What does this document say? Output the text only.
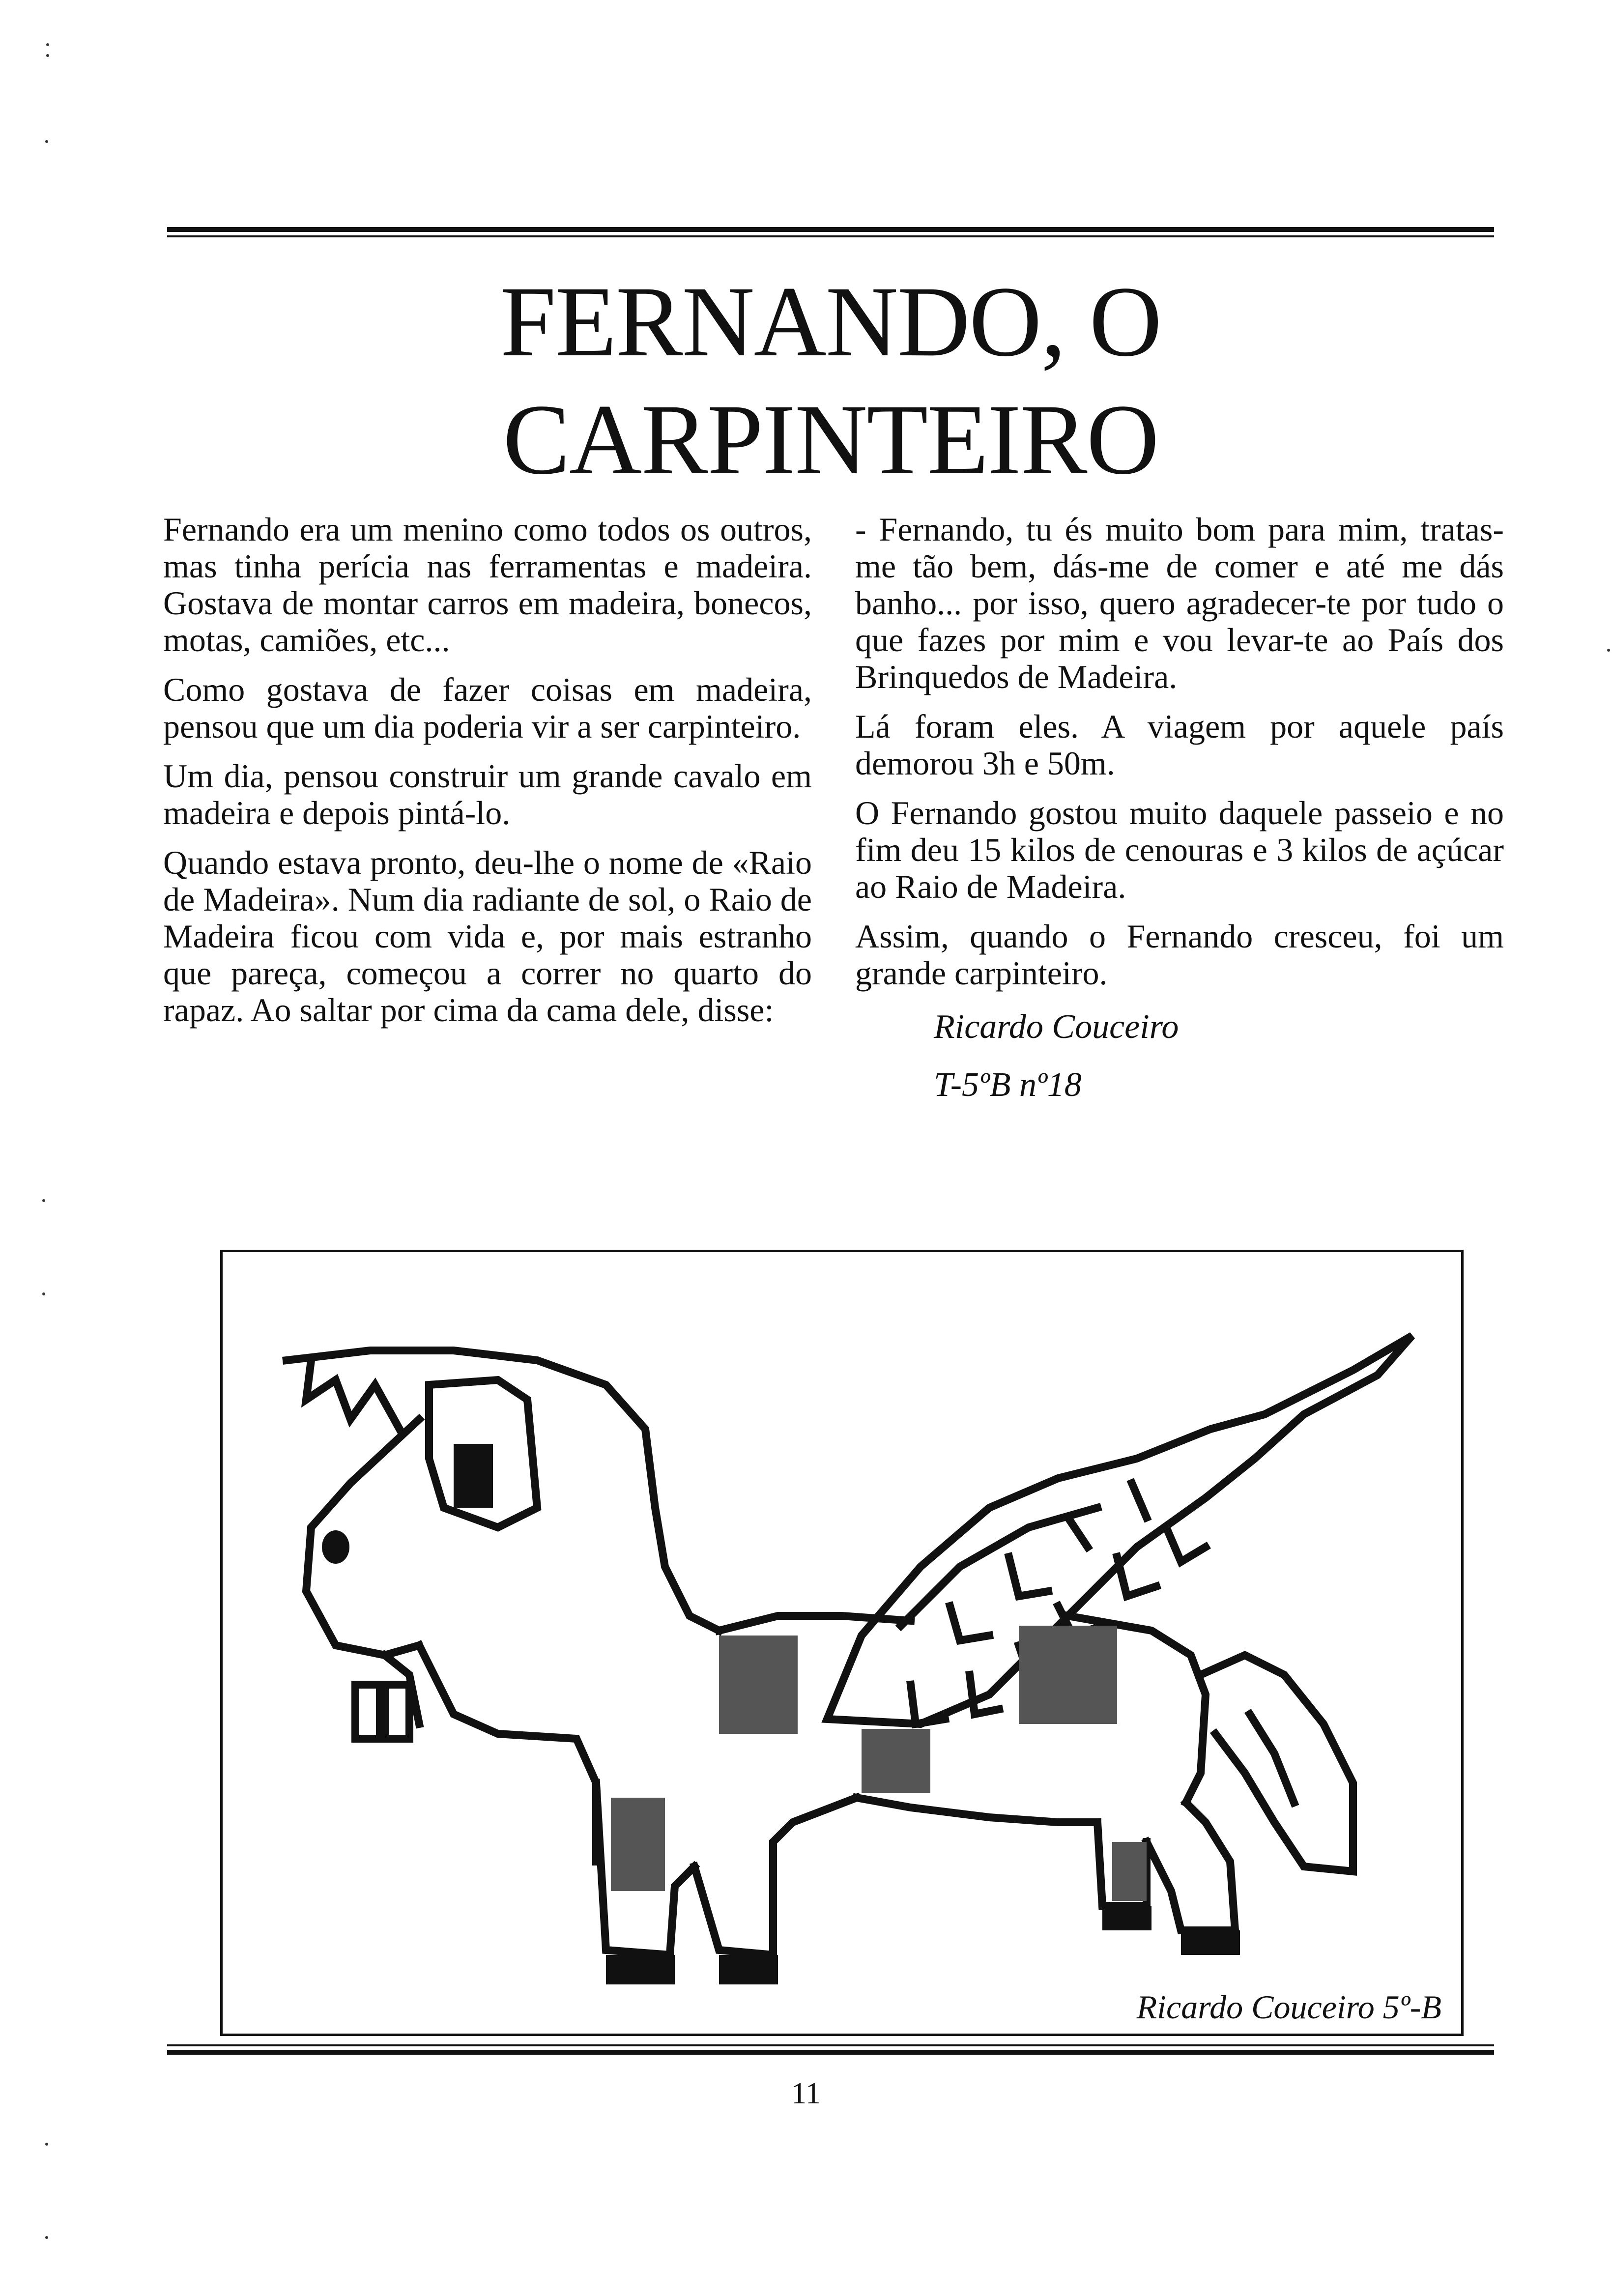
FERNANDO, O
CARPINTEIRO

Fernando era um menino como todos os outros, mas tinha perícia nas ferramentas e madeira. Gostava de montar carros em madeira, bonecos, motas, camiões, etc...

Como gostava de fazer coisas em madeira, pensou que um dia poderia vir a ser carpinteiro.

Um dia, pensou construir um grande cavalo em madeira e depois pintá-lo.

Quando estava pronto, deu-lhe o nome de «Raio de Madeira». Num dia radiante de sol, o Raio de Madeira ficou com vida e, por mais estranho que pareça, começou a correr no quarto do rapaz. Ao saltar por cima da cama dele, disse:

- Fernando, tu és muito bom para mim, tratas-me tão bem, dás-me de comer e até me dás banho... por isso, quero agradecer-te por tudo o que fazes por mim e vou levar-te ao País dos Brinquedos de Madeira.

Lá foram eles. A viagem por aquele país demorou 3h e 50m.

O Fernando gostou muito daquele passeio e no fim deu 15 kilos de cenouras e 3 kilos de açúcar ao Raio de Madeira.

Assim, quando o Fernando cresceu, foi um grande carpinteiro.

Ricardo Couceiro

T-5ºB nº18

Ricardo Couceiro 5º-B
11
